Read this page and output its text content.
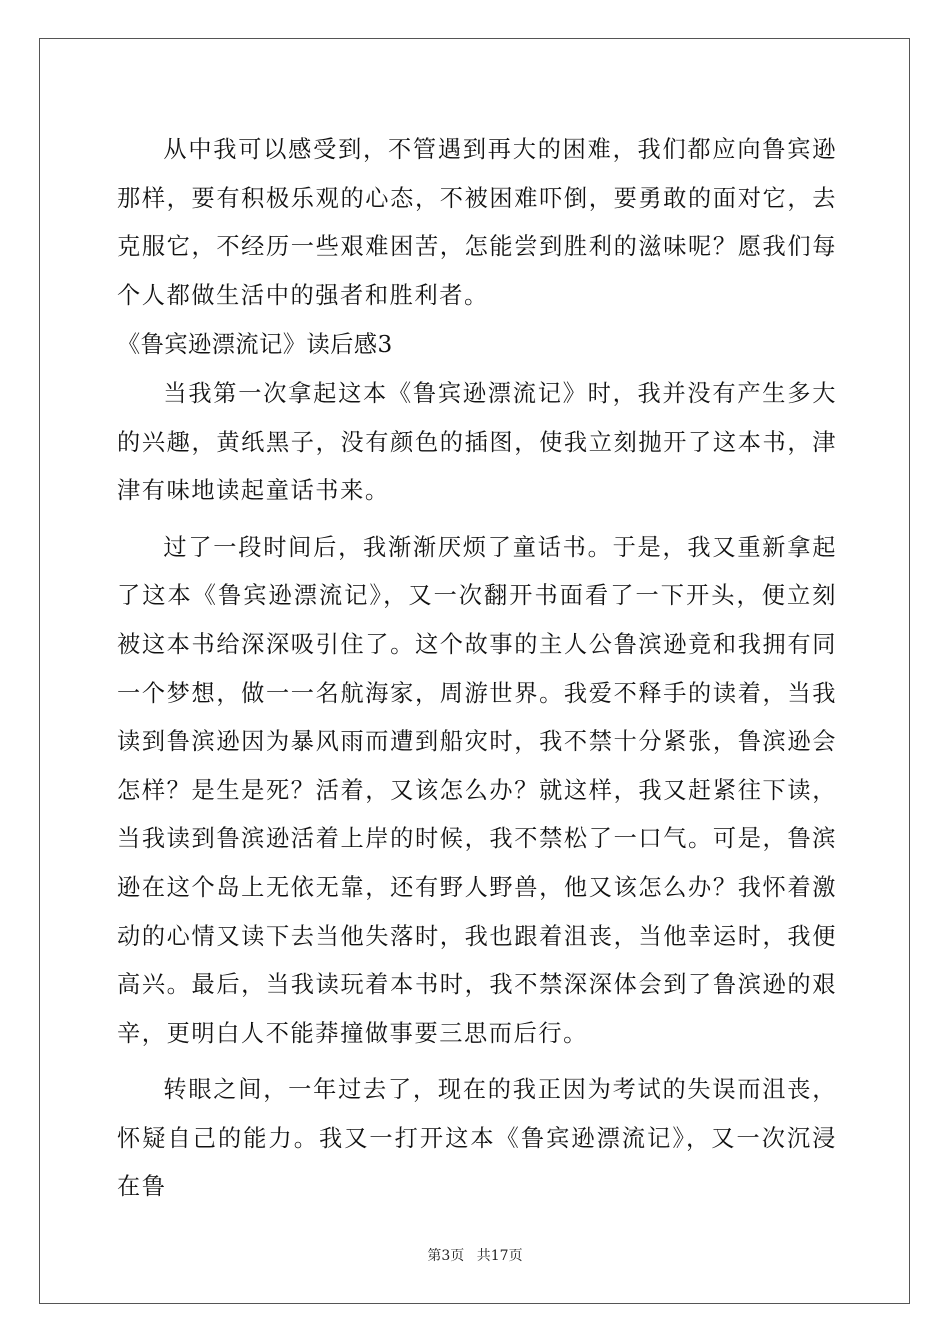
从中我可以感受到，不管遇到再大的困难，我们都应向鲁宾逊那样，要有积极乐观的心态，不被困难吓倒，要勇敢的面对它，去克服它，不经历一些艰难困苦，怎能尝到胜利的滋味呢？愿我们每个人都做生活中的强者和胜利者。

《鲁宾逊漂流记》读后感3

当我第一次拿起这本《鲁宾逊漂流记》时，我并没有产生多大的兴趣，黄纸黑子，没有颜色的插图，使我立刻抛开了这本书，津津有味地读起童话书来。

过了一段时间后，我渐渐厌烦了童话书。于是，我又重新拿起了这本《鲁宾逊漂流记》，又一次翻开书面看了一下开头，便立刻被这本书给深深吸引住了。这个故事的主人公鲁滨逊竟和我拥有同一个梦想，做一一名航海家，周游世界。我爱不释手的读着，当我读到鲁滨逊因为暴风雨而遭到船灾时，我不禁十分紧张，鲁滨逊会怎样？是生是死？活着，又该怎么办？就这样，我又赶紧往下读，当我读到鲁滨逊活着上岸的时候，我不禁松了一口气。可是，鲁滨逊在这个岛上无依无靠，还有野人野兽，他又该怎么办？我怀着激动的心情又读下去当他失落时，我也跟着沮丧，当他幸运时，我便高兴。最后，当我读玩着本书时，我不禁深深体会到了鲁滨逊的艰辛，更明白人不能莽撞做事要三思而后行。

转眼之间，一年过去了，现在的我正因为考试的失误而沮丧，怀疑自己的能力。我又一打开这本《鲁宾逊漂流记》，又一次沉浸在鲁

第3页 共17页
